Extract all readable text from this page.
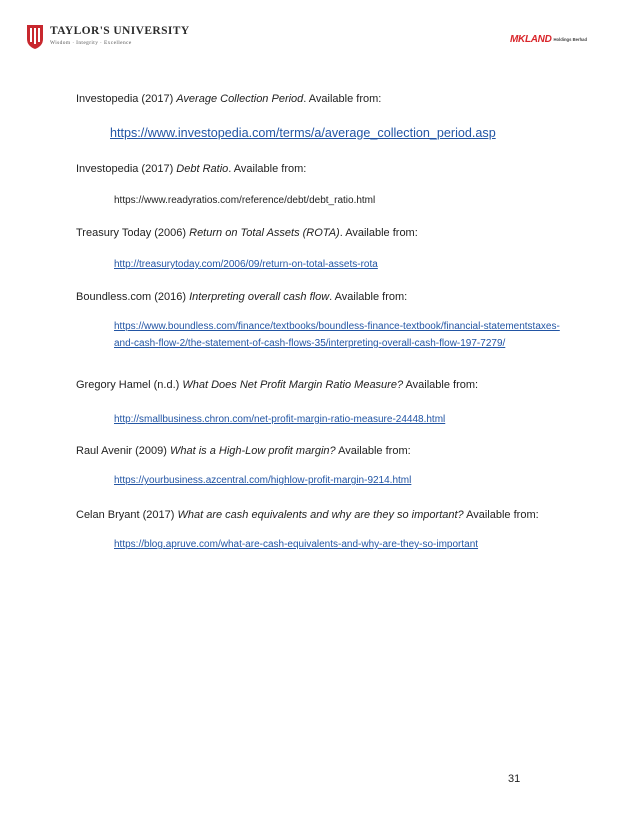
TAYLOR'S UNIVERSITY
Wisdom · Integrity · Excellence	MKLAND Holdings Berhad
Investopedia (2017) Average Collection Period. Available from:
https://www.investopedia.com/terms/a/average_collection_period.asp
Investopedia (2017) Debt Ratio. Available from:
https://www.readyratios.com/reference/debt/debt_ratio.html
Treasury Today (2006) Return on Total Assets (ROTA). Available from:
http://treasurytoday.com/2006/09/return-on-total-assets-rota
Boundless.com (2016) Interpreting overall cash flow. Available from:
https://www.boundless.com/finance/textbooks/boundless-finance-textbook/financial-statementstaxes-and-cash-flow-2/the-statement-of-cash-flows-35/interpreting-overall-cash-flow-197-7279/
Gregory Hamel (n.d.) What Does Net Profit Margin Ratio Measure? Available from:
http://smallbusiness.chron.com/net-profit-margin-ratio-measure-24448.html
Raul Avenir (2009) What is a High-Low profit margin? Available from:
https://yourbusiness.azcentral.com/highlow-profit-margin-9214.html
Celan Bryant (2017) What are cash equivalents and why are they so important? Available from:
https://blog.apruve.com/what-are-cash-equivalents-and-why-are-they-so-important
31
